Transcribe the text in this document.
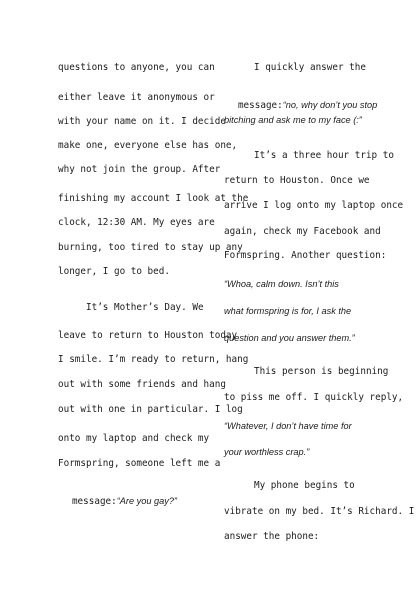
questions to anyone, you can
either leave it anonymous or
with your name on it. I decide
make one, everyone else has one,
why not join the group. After
finishing my account I look at the
clock, 12:30 AM. My eyes are
burning, too tired to stay up any
longer, I go to bed.
It’s Mother’s Day. We
leave to return to Houston today
I smile. I’m ready to return, hang
out with some friends and hang
out with one in particular. I log
onto my laptop and check my
Formspring, someone left me a

message:“Are you gay?”

I quickly answer the

message:“no, why don’t you stop

bitching and ask me to my face (:”
It’s a three hour trip to
return to Houston. Once we
arrive I log onto my laptop once
again, check my Facebook and
Formspring. Another question:
“Whoa, calm down. Isn’t this
what formspring is for, I ask the
question and you answer them.”
This person is beginning
to piss me off. I quickly reply,
“Whatever, I don’t have time for
your worthless crap.”
My phone begins to
vibrate on my bed. It’s Richard. I
answer the phone:
